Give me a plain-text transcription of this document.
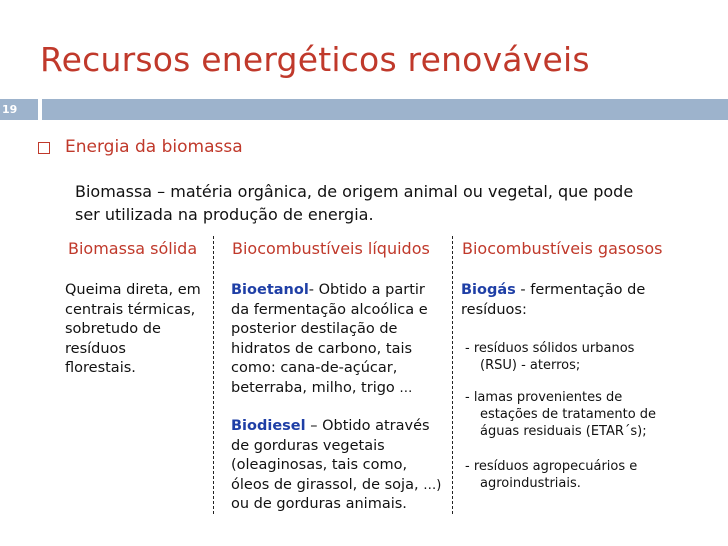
Recursos energéticos renováveis
19
Energia da biomassa
Biomassa – matéria orgânica, de origem animal ou vegetal, que pode
ser utilizada na produção de energia.
Biomassa sólida Biocombustíveis líquidos Biocombustíveis gasosos
Queima direta, em
centrais térmicas,
sobretudo de
resíduos
florestais.
Bioetanol- Obtido a partir
da fermentação alcoólica e
posterior destilação de
hidratos de carbono, tais
como: cana-de-açúcar,
beterraba, milho, trigo …
Biodiesel – Obtido através
de gorduras vegetais
(oleaginosas, tais como,
óleos de girassol, de soja, …)
ou de gorduras animais.
Biogás - fermentação de
resíduos:
- resíduos sólidos urbanos
(RSU) - aterros;
- lamas provenientes de
estações de tratamento de
águas residuais (ETAR´s);
- resíduos agropecuários e
agroindustriais.
